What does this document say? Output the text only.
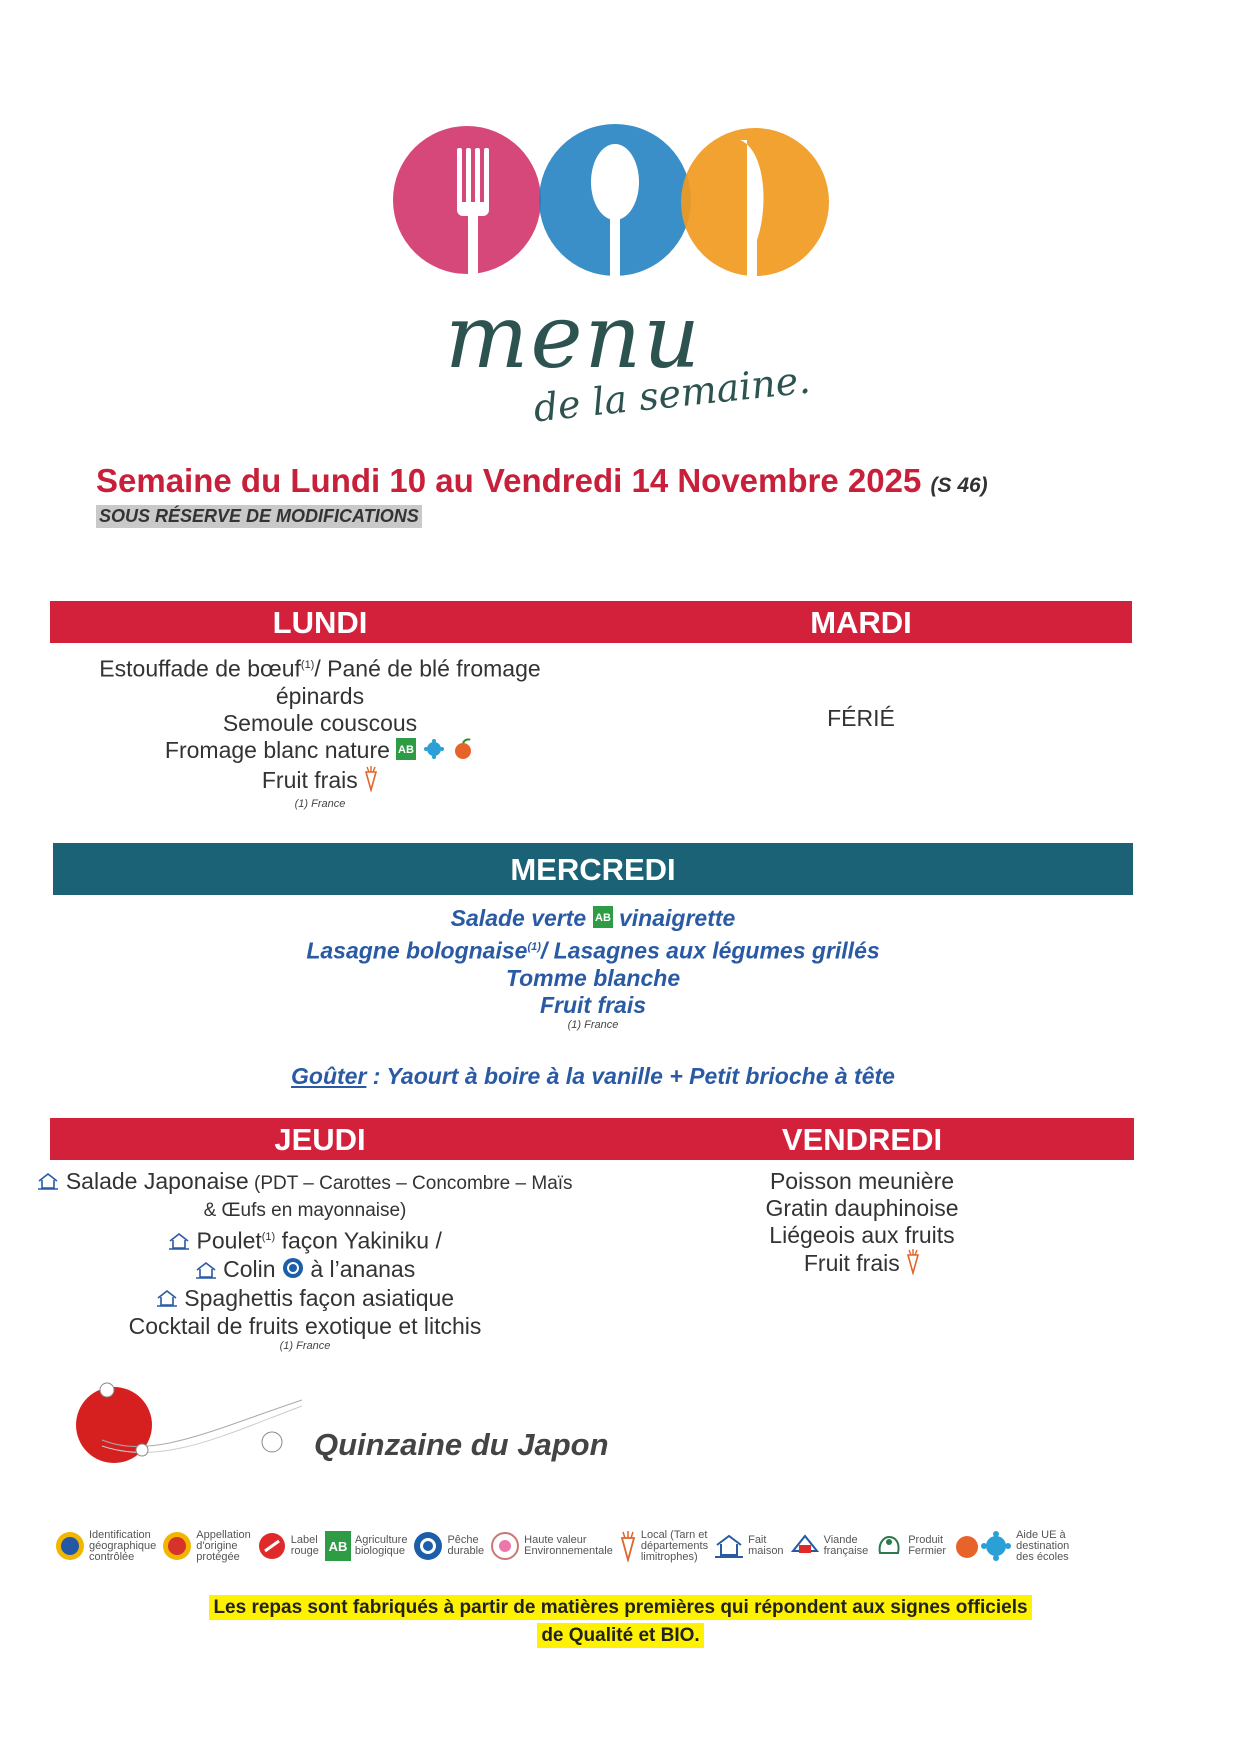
menu
de la semaine.
Semaine du Lundi 10 au Vendredi 14 Novembre 2025 (S 46)
SOUS RÉSERVE DE MODIFICATIONS
LUNDI	MARDI
Estouffade de bœuf$^{(1)}$/ Pané de blé fromage
épinards
Semoule couscous
Fromage blanc nature AB

Fruit frais
(1) France
FÉRIÉ
MERCREDI
Salade verte AB vinaigrette
Lasagne bolognaise$^{(1)}$/ Lasagnes aux légumes grillés
Tomme blanche
Fruit frais
(1) France
Goûter : Yaourt à boire à la vanille + Petit brioche à tête
JEUDI	VENDREDI
Salade Japonaise (PDT – Carottes – Concombre – Maïs
& Œufs en mayonnaise)
Poulet$^{(1)}$ façon Yakiniku /
Colin à l’ananas
Spaghettis façon asiatique
Cocktail de fruits exotique et litchis
(1) France
Poisson meunière
Gratin dauphinoise
Liégeois aux fruits
Fruit frais
Quinzaine du Japon
Identification
géographique
contrôlée
Appellation
d'origine
protégée
Label
rouge AB Agriculture
biologique
Pêche
durable
Haute valeur
Environnementale
Local (Tarn et
départements
limitrophes)
Fait
maison
Viande
française
Produit
Fermier
Aide UE à
destination
des écoles
Les repas sont fabriqués à partir de matières premières qui répondent aux signes officiels
de Qualité et BIO.
